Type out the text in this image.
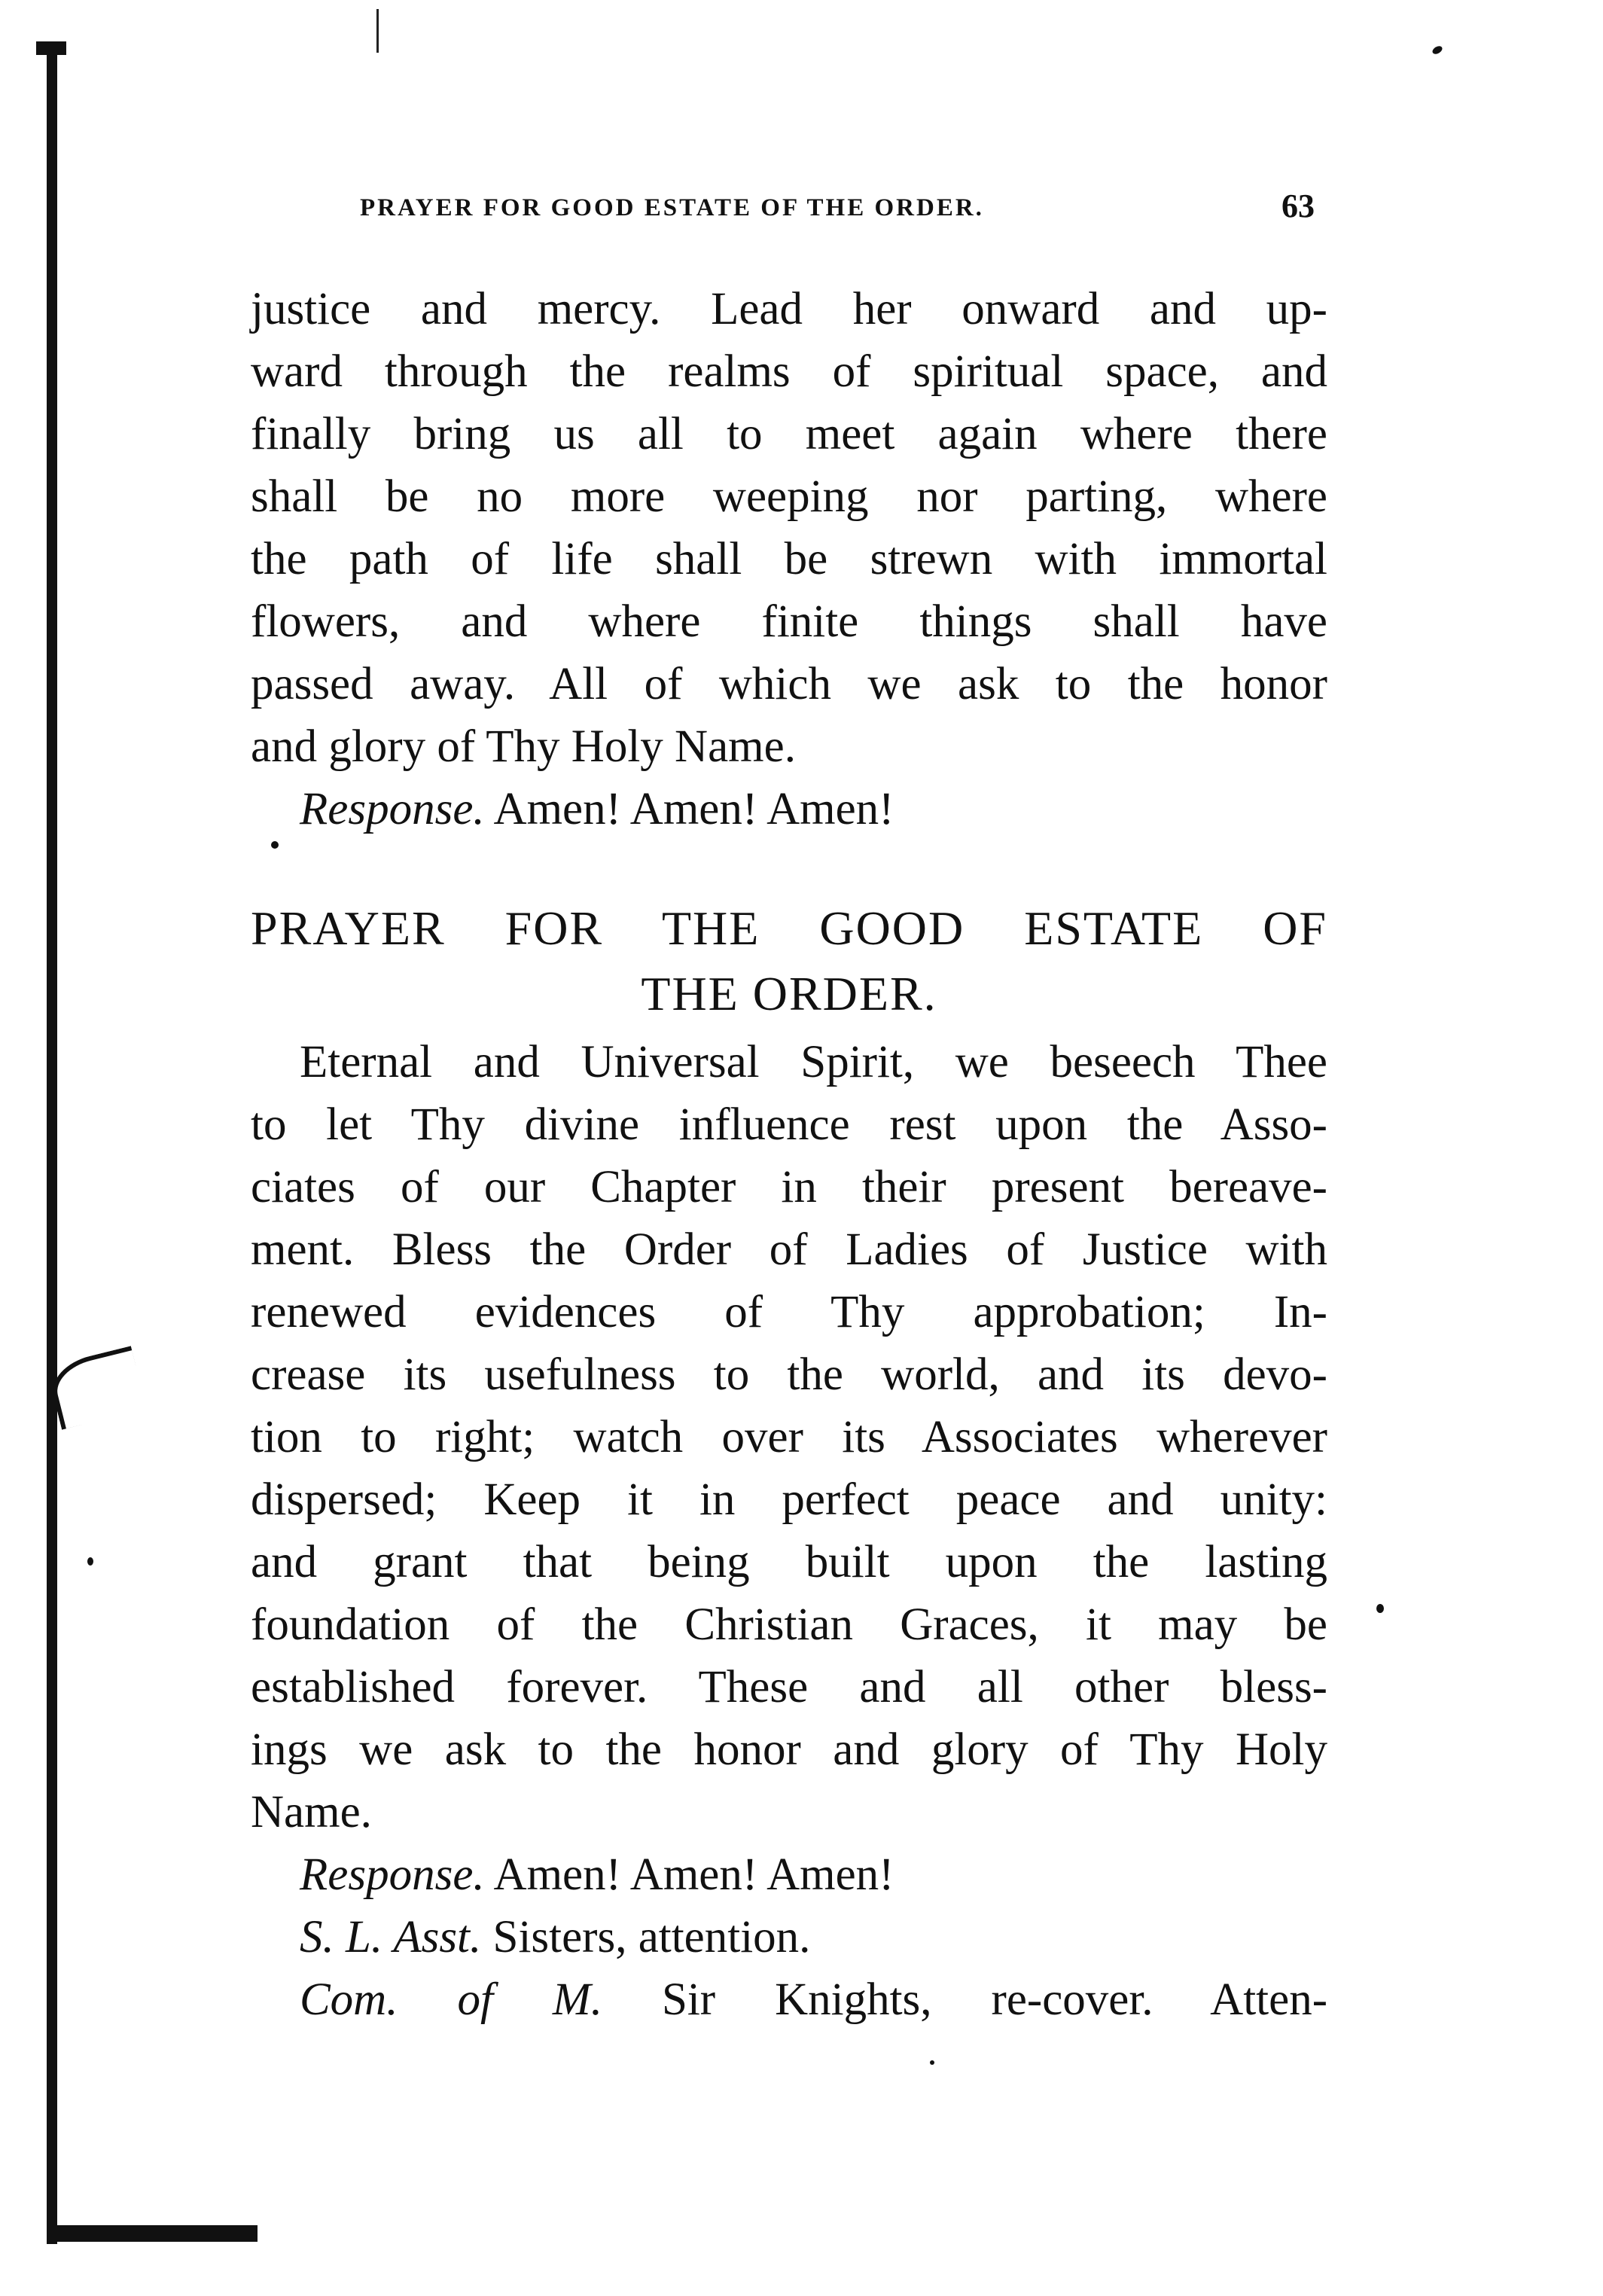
PRAYER FOR GOOD ESTATE OF THE ORDER.	63
justice and mercy. Lead her onward and up-
ward through the realms of spiritual space, and
finally bring us all to meet again where there
shall be no more weeping nor parting, where
the path of life shall be strewn with immortal
flowers, and where finite things shall have
passed away. All of which we ask to the honor
and glory of Thy Holy Name.
Response. Amen! Amen! Amen!
PRAYER FOR THE GOOD ESTATE OF
THE ORDER.
Eternal and Universal Spirit, we beseech Thee
to let Thy divine influence rest upon the Asso-
ciates of our Chapter in their present bereave-
ment. Bless the Order of Ladies of Justice with
renewed evidences of Thy approbation; In-
crease its usefulness to the world, and its devo-
tion to right; watch over its Associates wherever
dispersed; Keep it in perfect peace and unity:
and grant that being built upon the lasting
foundation of the Christian Graces, it may be
established forever. These and all other bless-
ings we ask to the honor and glory of Thy Holy
Name.
Response. Amen! Amen! Amen!
S. L. Asst. Sisters, attention.
Com. of M. Sir Knights, re-cover. Atten-
